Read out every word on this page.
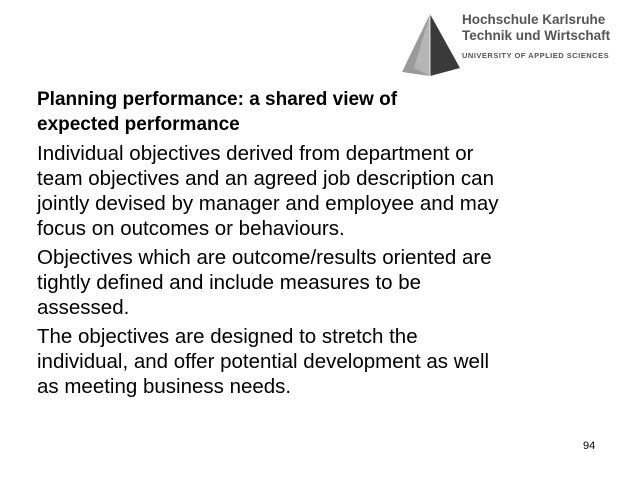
Hochschule Karlsruhe
Technik und Wirtschaft
UNIVERSITY OF APPLIED SCIENCES

Planning performance: a shared view of
expected performance

Individual objectives derived from department or
team objectives and an agreed job description can
jointly devised by manager and employee and may
focus on outcomes or behaviours.

Objectives which are outcome/results oriented are
tightly defined and include measures to be
assessed.

The objectives are designed to stretch the
individual, and offer potential development as well
as meeting business needs.

94
